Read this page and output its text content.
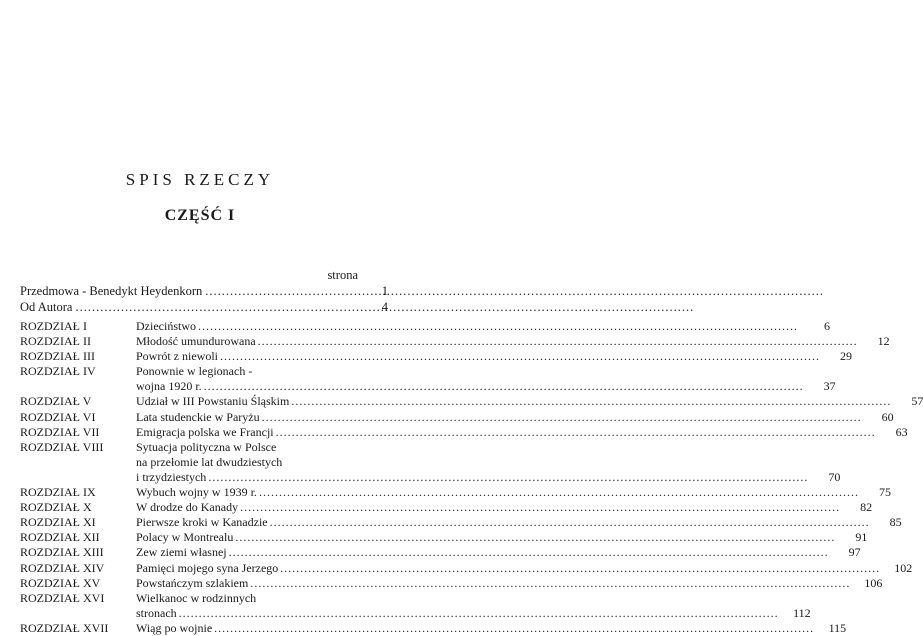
SPIS RZECZY
CZĘŚĆ I
strona
Przedmowa - Benedykt Heydenkorn .....	1
Od Autora .....	4
ROZDZIAŁ I	Dzieciństwo .....	6
ROZDZIAŁ II	Młodość umundurowana .....	12
ROZDZIAŁ III	Powrót z niewoli .....	29
ROZDZIAŁ IV	Ponownie w legionach -
wojna 1920 r. .....	37
ROZDZIAŁ V	Udział w III Powstaniu Śląskim .....	57
ROZDZIAŁ VI	Lata studenckie w Paryżu .....	60
ROZDZIAŁ VII	Emigracja polska we Francji .....	63
ROZDZIAŁ VIII	Sytuacja polityczna w Polsce
na przełomie lat dwudziestych
i trzydziestych .....	70
ROZDZIAŁ IX	Wybuch wojny w 1939 r. .....	75
ROZDZIAŁ X	W drodze do Kanady .....	82
ROZDZIAŁ XI	Pierwsze kroki w Kanadzie .....	85
ROZDZIAŁ XII	Polacy w Montrealu .....	91
ROZDZIAŁ XIII	Zew ziemi własnej .....	97
ROZDZIAŁ XIV	Pamięci mojego syna Jerzego .....	102
ROZDZIAŁ XV	Powstańczym szlakiem .....	106
ROZDZIAŁ XVI	Wielkanoc w rodzinnych
stronach .....	112
ROZDZIAŁ XVII	Wiąg po wojnie .....	115
